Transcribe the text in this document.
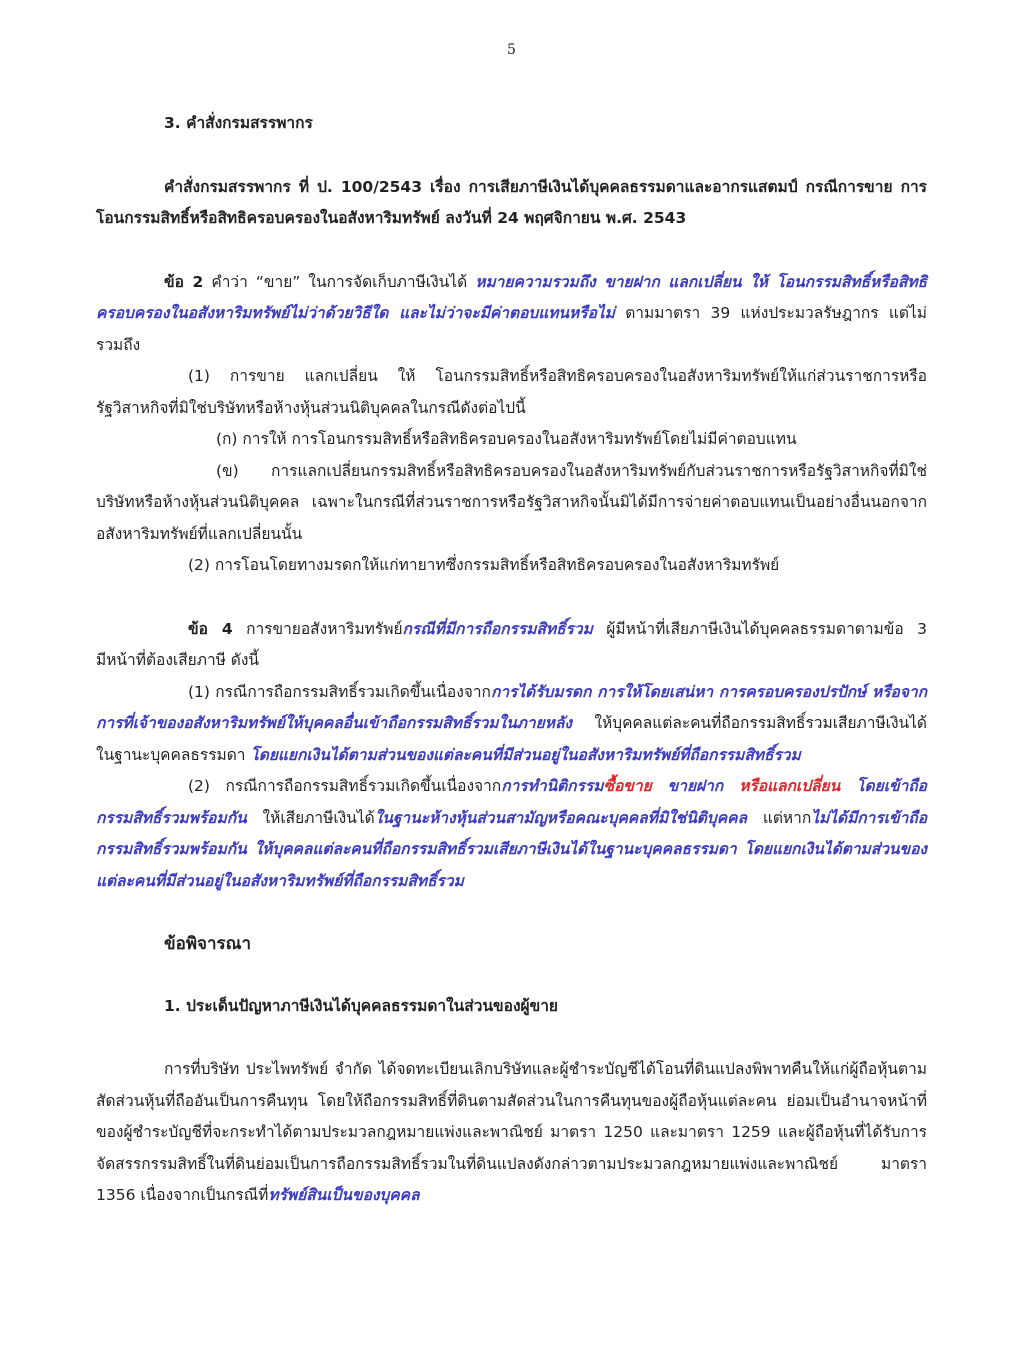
5

3. คำสั่งกรมสรรพากร

คำสั่งกรมสรรพากร ที่ ป. 100/2543 เรื่อง การเสียภาษีเงินได้บุคคลธรรมดาและอากรแสตมป์ กรณีการขาย การโอนกรรมสิทธิ์หรือสิทธิครอบครองในอสังหาริมทรัพย์ ลงวันที่ 24 พฤศจิกายน พ.ศ. 2543

ข้อ 2 คำว่า “ขาย” ในการจัดเก็บภาษีเงินได้ หมายความรวมถึง ขายฝาก แลกเปลี่ยน ให้ โอนกรรมสิทธิ์หรือสิทธิครอบครองในอสังหาริมทรัพย์ไม่ว่าด้วยวิธีใด และไม่ว่าจะมีค่าตอบแทนหรือไม่ ตามมาตรา 39 แห่งประมวลรัษฎากร แต่ไม่รวมถึง

(1) การขาย แลกเปลี่ยน ให้ โอนกรรมสิทธิ์หรือสิทธิครอบครองในอสังหาริมทรัพย์ให้แก่ส่วนราชการหรือรัฐวิสาหกิจที่มิใช่บริษัทหรือห้างหุ้นส่วนนิติบุคคลในกรณีดังต่อไปนี้

(ก) การให้ การโอนกรรมสิทธิ์หรือสิทธิครอบครองในอสังหาริมทรัพย์โดยไม่มีค่าตอบแทน

(ข) การแลกเปลี่ยนกรรมสิทธิ์หรือสิทธิครอบครองในอสังหาริมทรัพย์กับส่วนราชการหรือรัฐวิสาหกิจที่มิใช่บริษัทหรือห้างหุ้นส่วนนิติบุคคล เฉพาะในกรณีที่ส่วนราชการหรือรัฐวิสาหกิจนั้นมิได้มีการจ่ายค่าตอบแทนเป็นอย่างอื่นนอกจากอสังหาริมทรัพย์ที่แลกเปลี่ยนนั้น

(2) การโอนโดยทางมรดกให้แก่ทายาทซึ่งกรรมสิทธิ์หรือสิทธิครอบครองในอสังหาริมทรัพย์

ข้อ 4 การขายอสังหาริมทรัพย์กรณีที่มีการถือกรรมสิทธิ์รวม ผู้มีหน้าที่เสียภาษีเงินได้บุคคลธรรมดาตามข้อ 3 มีหน้าที่ต้องเสียภาษี ดังนี้

(1) กรณีการถือกรรมสิทธิ์รวมเกิดขึ้นเนื่องจากการได้รับมรดก การให้โดยเสน่หา การครอบครองปรปักษ์ หรือจากการที่เจ้าของอสังหาริมทรัพย์ให้บุคคลอื่นเข้าถือกรรมสิทธิ์รวมในภายหลัง ให้บุคคลแต่ละคนที่ถือกรรมสิทธิ์รวมเสียภาษีเงินได้ในฐานะบุคคลธรรมดา โดยแยกเงินได้ตามส่วนของแต่ละคนที่มีส่วนอยู่ในอสังหาริมทรัพย์ที่ถือกรรมสิทธิ์รวม

(2) กรณีการถือกรรมสิทธิ์รวมเกิดขึ้นเนื่องจากการทำนิติกรรมซื้อขาย ขายฝาก หรือแลกเปลี่ยน โดยเข้าถือกรรมสิทธิ์รวมพร้อมกัน ให้เสียภาษีเงินได้ในฐานะห้างหุ้นส่วนสามัญหรือคณะบุคคลที่มิใช่นิติบุคคล แต่หากไม่ได้มีการเข้าถือกรรมสิทธิ์รวมพร้อมกัน ให้บุคคลแต่ละคนที่ถือกรรมสิทธิ์รวมเสียภาษีเงินได้ในฐานะบุคคลธรรมดา โดยแยกเงินได้ตามส่วนของแต่ละคนที่มีส่วนอยู่ในอสังหาริมทรัพย์ที่ถือกรรมสิทธิ์รวม

ข้อพิจารณา

1. ประเด็นปัญหาภาษีเงินได้บุคคลธรรมดาในส่วนของผู้ขาย

การที่บริษัท ประไพทรัพย์ จำกัด ได้จดทะเบียนเลิกบริษัทและผู้ชำระบัญชีได้โอนที่ดินแปลงพิพาทคืนให้แก่ผู้ถือหุ้นตามสัดส่วนหุ้นที่ถืออันเป็นการคืนทุน โดยให้ถือกรรมสิทธิ์ที่ดินตามสัดส่วนในการคืนทุนของผู้ถือหุ้นแต่ละคน ย่อมเป็นอำนาจหน้าที่ของผู้ชำระบัญชีที่จะกระทำได้ตามประมวลกฎหมายแพ่งและพาณิชย์ มาตรา 1250 และมาตรา 1259 และผู้ถือหุ้นที่ได้รับการจัดสรรกรรมสิทธิ์ในที่ดินย่อมเป็นการถือกรรมสิทธิ์รวมในที่ดินแปลงดังกล่าวตามประมวลกฎหมายแพ่งและพาณิชย์ มาตรา 1356 เนื่องจากเป็นกรณีที่ทรัพย์สินเป็นของบุคคล
